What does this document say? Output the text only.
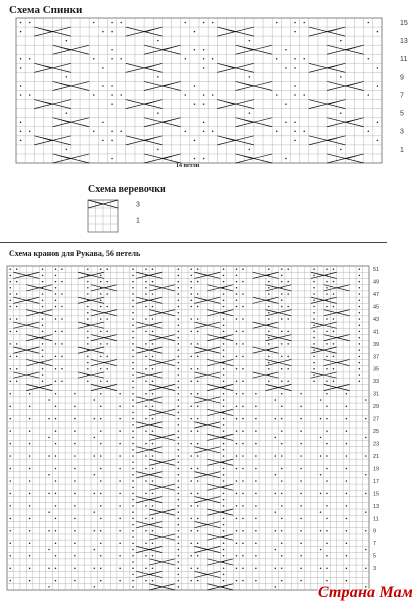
Схема Спинки
14 петли
Схема веревочки
Схема кранов для Рукава, 56 петель
15
13
11
9
7
5
3
1
3
1
51
49
47
45
43
41
39
37
35
33
31
29
27
25
23
21
19
17
15
13
11
9
7
5
3
Страна Мам
